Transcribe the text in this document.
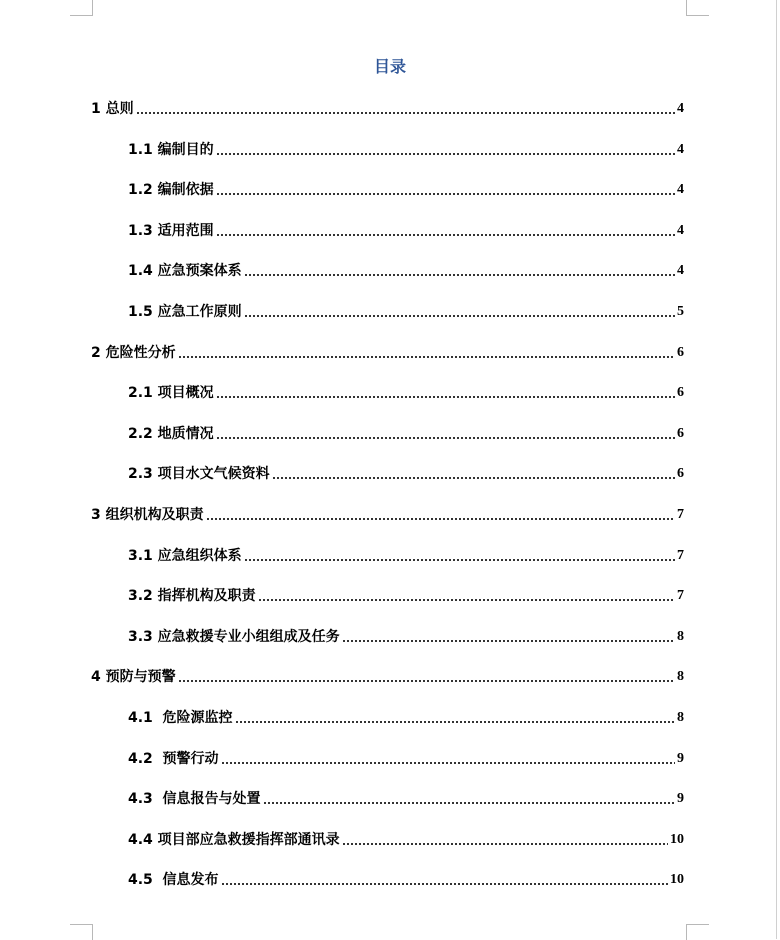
目录
1 总则	4
1.1 编制目的	4
1.2 编制依据	4
1.3 适用范围	4
1.4 应急预案体系	4
1.5 应急工作原则	5
2 危险性分析	6
2.1 项目概况	6
2.2 地质情况	6
2.3 项目水文气候资料	6
3 组织机构及职责	7
3.1 应急组织体系	7
3.2 指挥机构及职责	7
3.3 应急救援专业小组组成及任务	8
4 预防与预警	8
4.1  危险源监控	8
4.2  预警行动	9
4.3  信息报告与处置	9
4.4 项目部应急救援指挥部通讯录	10
4.5  信息发布	10
